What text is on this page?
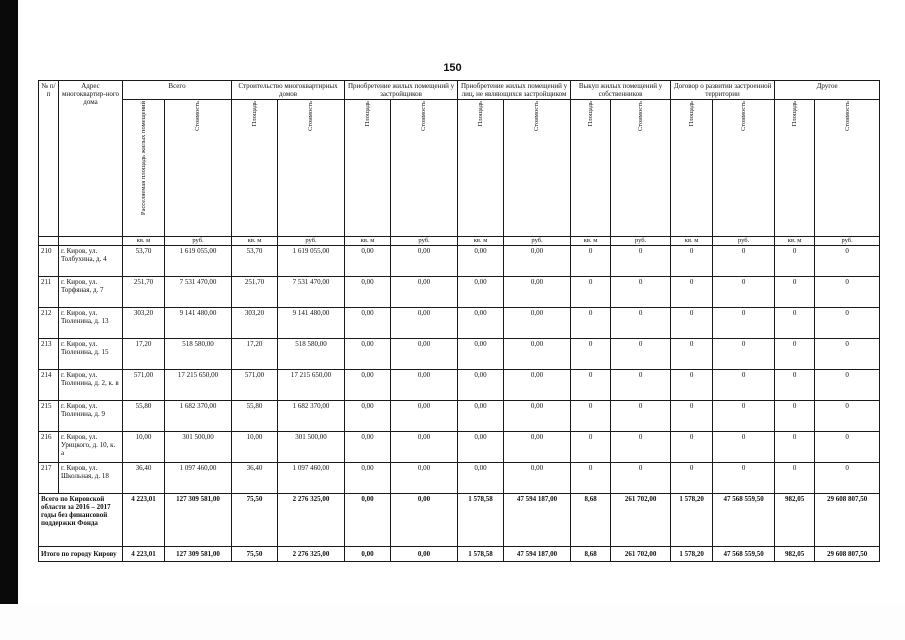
150
№ п/п	Адрес многоквартир-ного дома	Всего		Строительство многоквартирных домов		Приобретение жилых помещений у застройщиков		Приобретение жилых помещений у лиц, не являющихся застройщиком		Выкуп жилых помещений у собственников		Договор о развитии застроенной территории		Другое	
		Расселяемая площадь жилых помещений	Стоимость	Площадь	Стоимость	Площадь	Стоимость	Площадь	Стоимость	Площадь	Стоимость	Площадь	Стоимость	Площадь	Стоимость
		кв. м	руб.	кв. м	руб.	кв. м	руб.	кв. м	руб.	кв. м	руб.	кв. м	руб.	кв. м	руб.
210	г. Киров, ул. Толбухина, д. 4	53,70	1 619 055,00	53,70	1 619 055,00	0,00	0,00	0,00	0,00	0	0	0	0	0	0
211	г. Киров, ул. Торфяная, д. 7	251,70	7 531 470,00	251,70	7 531 470,00	0,00	0,00	0,00	0,00	0	0	0	0	0	0
212	г. Киров, ул. Тюленина, д. 13	303,20	9 141 480,00	303,20	9 141 480,00	0,00	0,00	0,00	0,00	0	0	0	0	0	0
213	г. Киров, ул. Тюленина, д. 15	17,20	518 580,00	17,20	518 580,00	0,00	0,00	0,00	0,00	0	0	0	0	0	0
214	г. Киров, ул. Тюленина, д. 2, к. в	571,00	17 215 650,00	571,00	17 215 650,00	0,00	0,00	0,00	0,00	0	0	0	0	0	0
215	г. Киров, ул. Тюленина, д. 9	55,80	1 682 370,00	55,80	1 682 370,00	0,00	0,00	0,00	0,00	0	0	0	0	0	0
216	г. Киров, ул. Урицкого, д. 10, к. а	10,00	301 500,00	10,00	301 500,00	0,00	0,00	0,00	0,00	0	0	0	0	0	0
217	г. Киров, ул. Школьная, д. 18	36,40	1 097 460,00	36,40	1 097 460,00	0,00	0,00	0,00	0,00	0	0	0	0	0	0
Всего по Кировской области за 2016 – 2017 годы без финансовой поддержки Фонда		4 223,01	127 309 581,00	75,50	2 276 325,00	0,00	0,00	1 578,58	47 594 187,00	8,68	261 702,00	1 578,20	47 568 559,50	982,05	29 608 807,50
Итого по городу Кирову		4 223,01	127 309 581,00	75,50	2 276 325,00	0,00	0,00	1 578,58	47 594 187,00	8,68	261 702,00	1 578,20	47 568 559,50	982,05	29 608 807,50
